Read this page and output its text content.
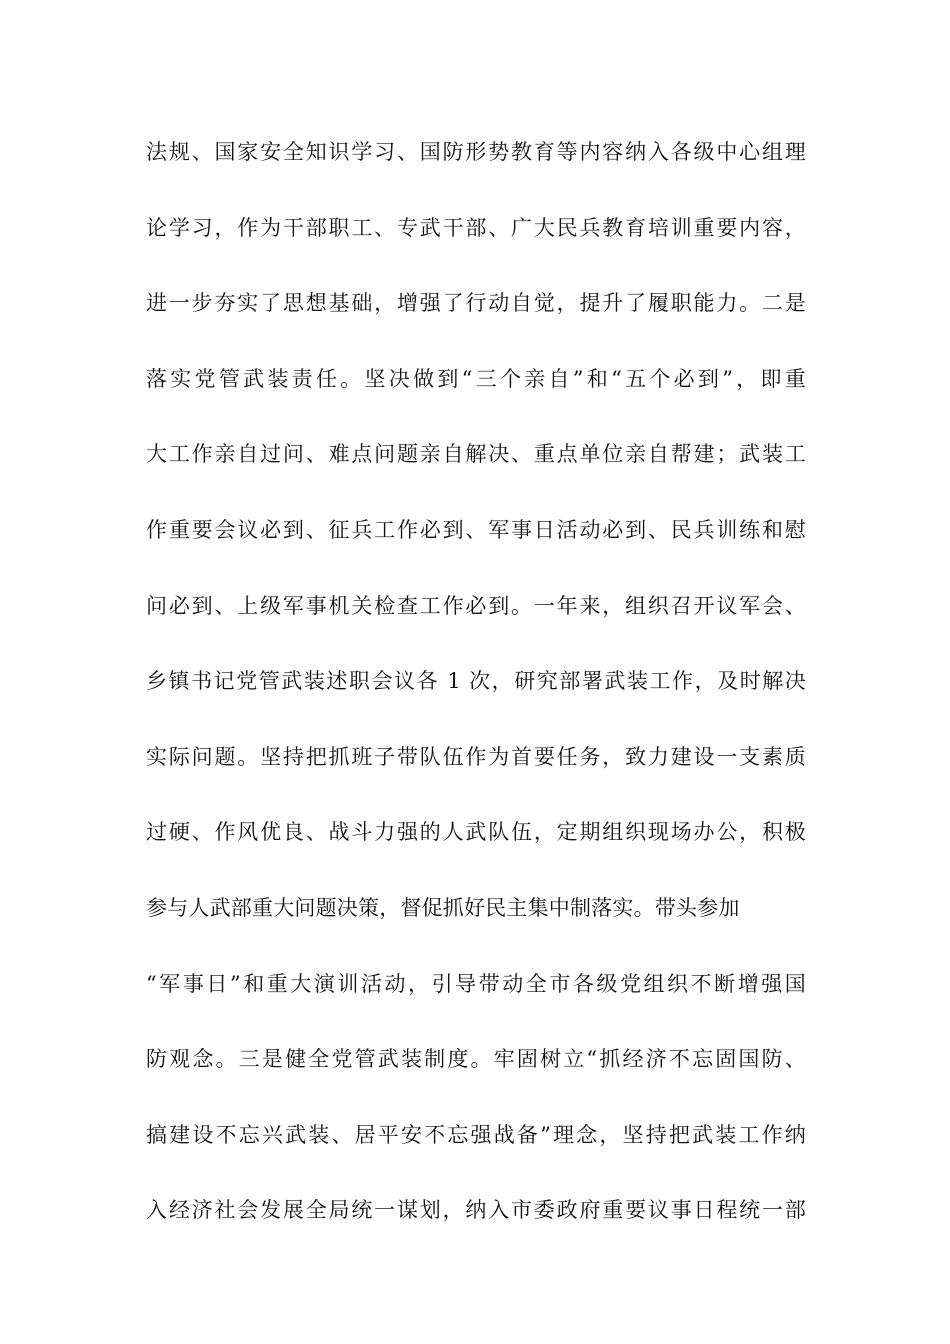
法规、国家安全知识学习、国防形势教育等内容纳入各级中心组理
论学习，作为干部职工、专武干部、广大民兵教育培训重要内容，
进一步夯实了思想基础，增强了行动自觉，提升了履职能力。二是
落实党管武装责任。坚决做到“三个亲自”和“五个必到”，即重
大工作亲自过问、难点问题亲自解决、重点单位亲自帮建；武装工
作重要会议必到、征兵工作必到、军事日活动必到、民兵训练和慰
问必到、上级军事机关检查工作必到。一年来，组织召开议军会、
乡镇书记党管武装述职会议各 1 次，研究部署武装工作，及时解决
实际问题。坚持把抓班子带队伍作为首要任务，致力建设一支素质
过硬、作风优良、战斗力强的人武队伍，定期组织现场办公，积极
参与人武部重大问题决策，督促抓好民主集中制落实。带头参加
“军事日”和重大演训活动，引导带动全市各级党组织不断增强国
防观念。三是健全党管武装制度。牢固树立“抓经济不忘固国防、
搞建设不忘兴武装、居平安不忘强战备”理念，坚持把武装工作纳
入经济社会发展全局统一谋划，纳入市委政府重要议事日程统一部
